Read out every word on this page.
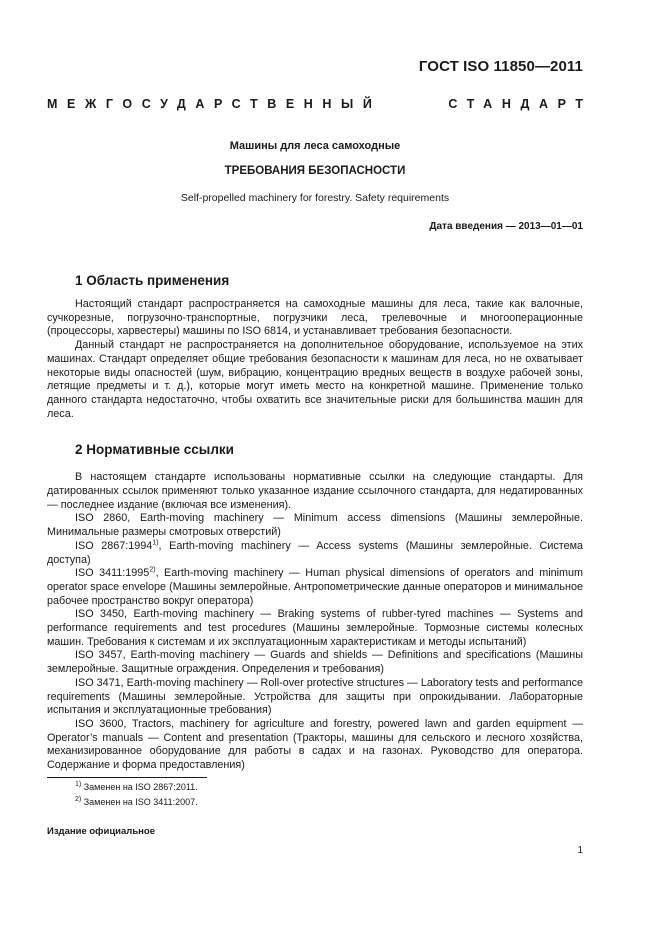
ГОСТ ISO 11850—2011
МЕЖГОСУДАРСТВЕННЫЙ	СТАНДАРТ
Машины для леса самоходные
ТРЕБОВАНИЯ БЕЗОПАСНОСТИ
Self-propelled machinery for forestry. Safety requirements
Дата введения — 2013—01—01
1 Область применения

Настоящий стандарт распространяется на самоходные машины для леса, такие как валочные, сучкорезные, погрузочно-транспортные, погрузчики леса, трелевочные и многооперационные (процессоры, харвестеры) машины по ISO 6814, и устанавливает требования безопасности.

Данный стандарт не распространяется на дополнительное оборудование, используемое на этих машинах. Стандарт определяет общие требования безопасности к машинам для леса, но не охватывает некоторые виды опасностей (шум, вибрацию, концентрацию вредных веществ в воздухе рабочей зоны, летящие предметы и т. д.), которые могут иметь место на конкретной машине. Применение только данного стандарта недостаточно, чтобы охватить все значительные риски для большинства машин для леса.

2 Нормативные ссылки

В настоящем стандарте использованы нормативные ссылки на следующие стандарты. Для датированных ссылок применяют только указанное издание ссылочного стандарта, для недатированных — последнее издание (включая все изменения).

ISO 2860, Earth-moving machinery — Minimum access dimensions (Машины землеройные. Минимальные размеры смотровых отверстий)

ISO 2867:1994$^{1)}$, Earth-moving machinery — Access systems (Машины землеройные. Система доступа)

ISO 3411:1995$^{2)}$, Earth-moving machinery — Human physical dimensions of operators and minimum operator space envelope (Машины землеройные. Антропометрические данные операторов и минимальное рабочее пространство вокруг оператора)

ISO 3450, Earth-moving machinery — Braking systems of rubber-tyred machines — Systems and performance requirements and test procedures (Машины землеройные. Тормозные системы колесных машин. Требования к системам и их эксплуатационным характеристикам и методы испытаний)

ISO 3457, Earth-moving machinery — Guards and shields — Definitions and specifications (Машины землеройные. Защитные ограждения. Определения и требования)

ISO 3471, Earth-moving machinery — Roll-over protective structures — Laboratory tests and performance requirements (Машины землеройные. Устройства для защиты при опрокидывании. Лабораторные испытания и эксплуатационные требования)

ISO 3600, Tractors, machinery for agriculture and forestry, powered lawn and garden equipment — Operator’s manuals — Content and presentation (Тракторы, машины для сельского и лесного хозяйства, механизированное оборудование для работы в садах и на газонах. Руководство для оператора. Содержание и форма предоставления)

$^{1)}$ Заменен на ISO 2867:2011.
$^{2)}$ Заменен на ISO 3411:2007.
Издание официальное
1
